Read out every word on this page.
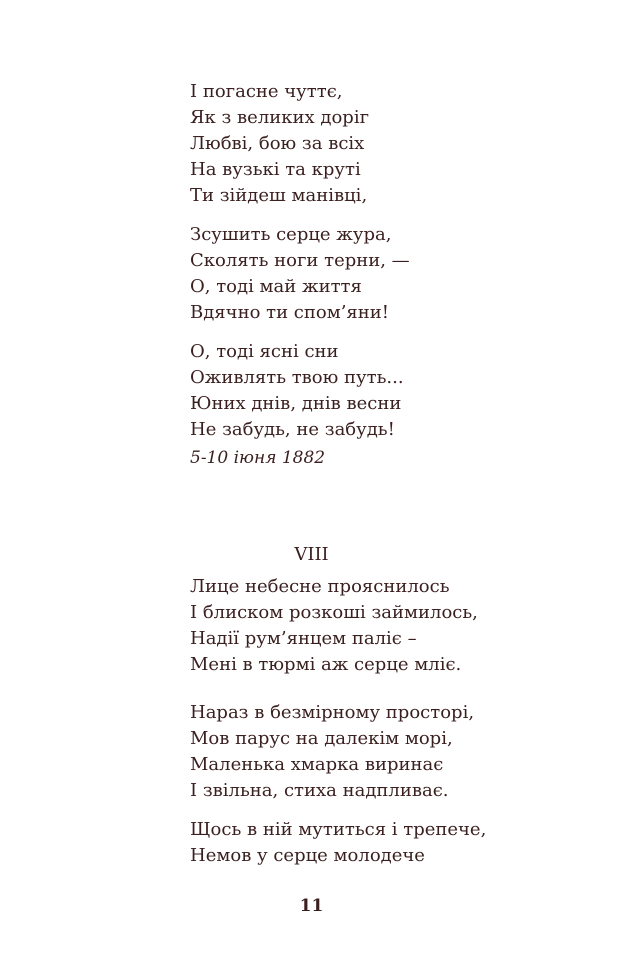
І погасне чуттє,
Як з великих доріг
Любві, бою за всіх
На вузькі та круті
Ти зійдеш манівці,
Зсушить серце жура,
Сколять ноги терни, —
О, тоді май життя
Вдячно ти спом’яни!
О, тоді ясні сни
Оживлять твою путь...
Юних днів, днів весни
Не забудь, не забудь!
5-10 іюня 1882
VIII
Лице небесне прояснилось
І блиском розкоші займилось,
Надії рум’янцем паліє –
Мені в тюрмі аж серце мліє.
Нараз в безмірному просторі,
Мов парус на далекім морі,
Маленька хмарка виринає
І звільна, стиха надпливає.
Щось в ній мутиться і трепече,
Немов у серце молодече
11
